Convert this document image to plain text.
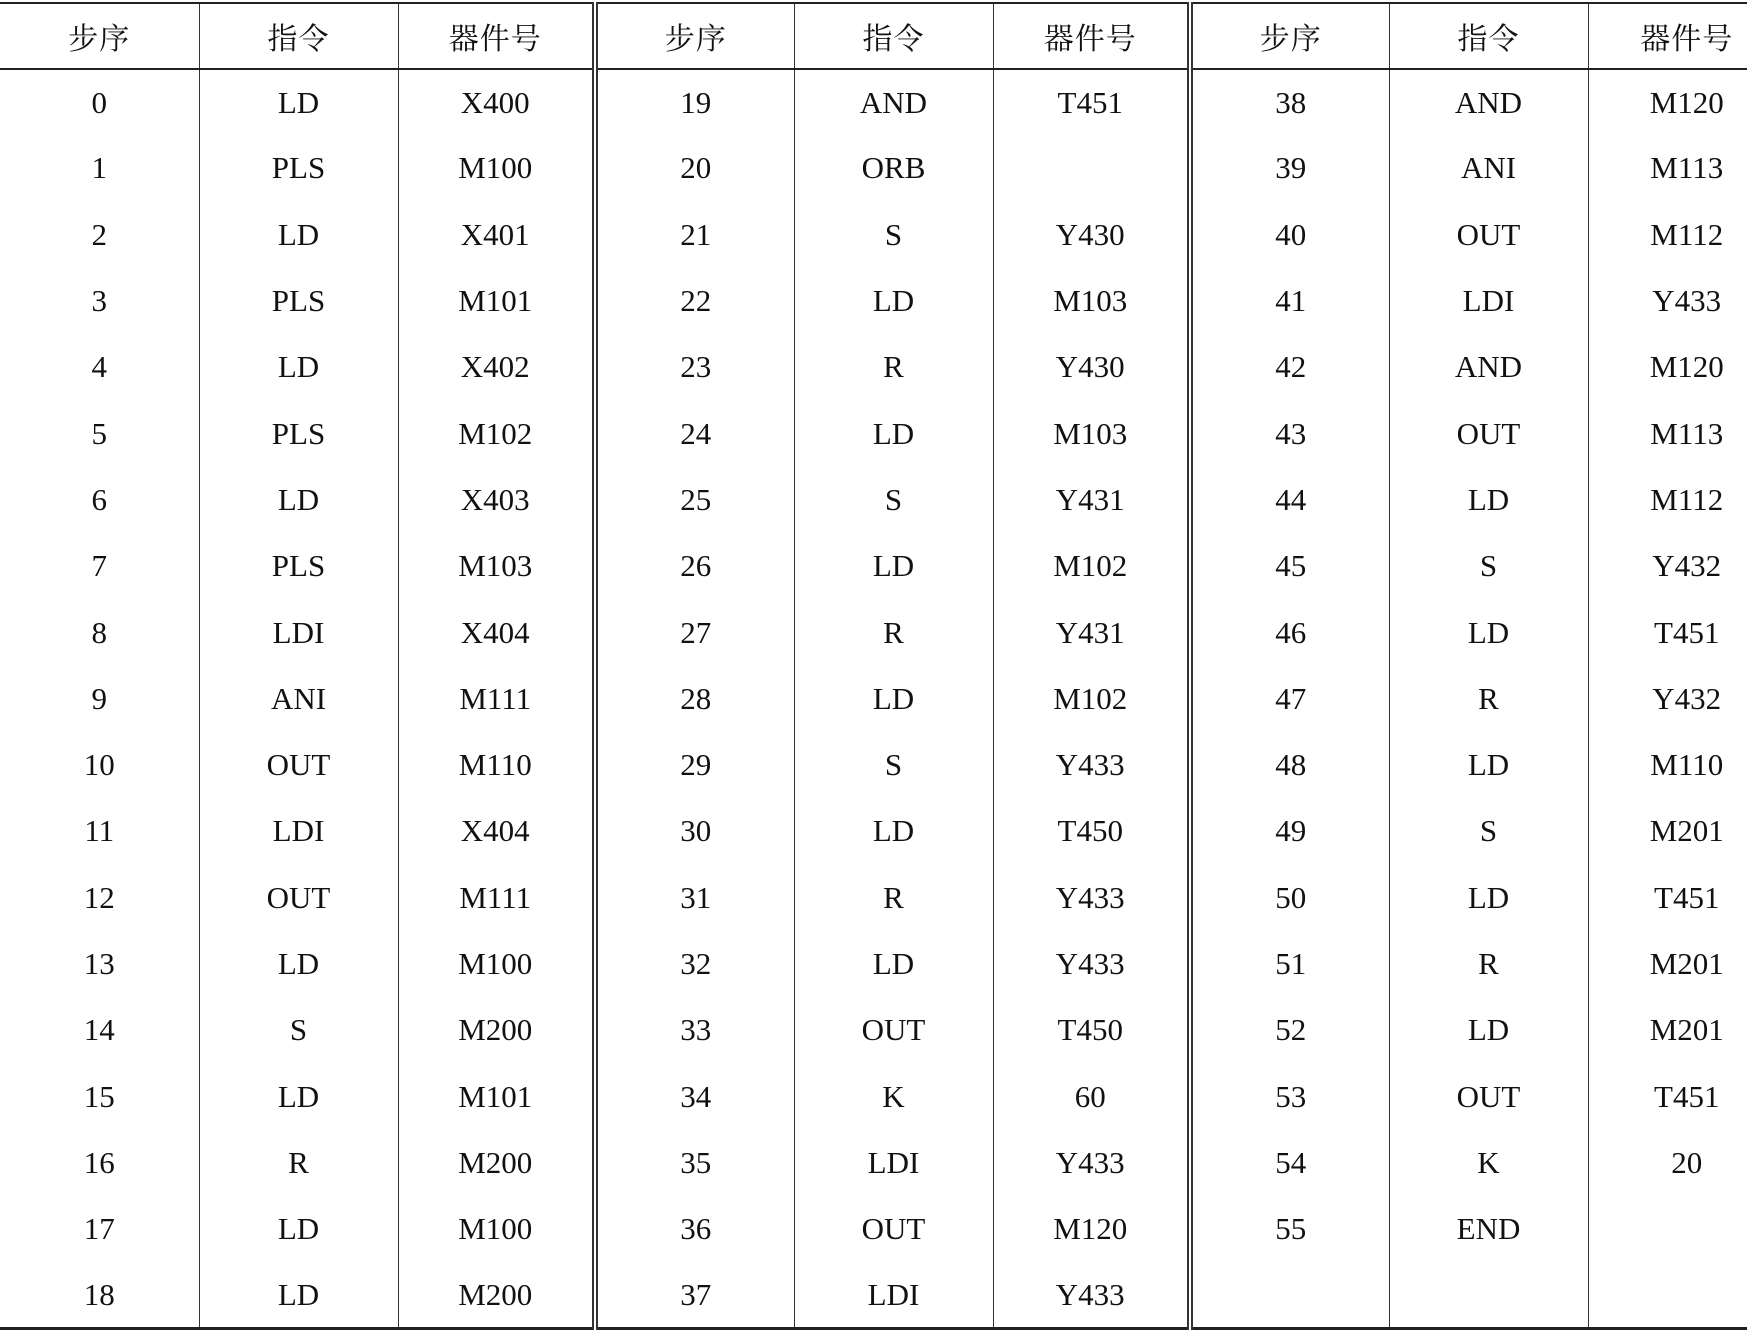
步序	指令	器件号	步序	指令	器件号	步序	指令	器件号
0	LD	X400	19	AND	T451	38	AND	M120
1	PLS	M100	20	ORB		39	ANI	M113
2	LD	X401	21	S	Y430	40	OUT	M112
3	PLS	M101	22	LD	M103	41	LDI	Y433
4	LD	X402	23	R	Y430	42	AND	M120
5	PLS	M102	24	LD	M103	43	OUT	M113
6	LD	X403	25	S	Y431	44	LD	M112
7	PLS	M103	26	LD	M102	45	S	Y432
8	LDI	X404	27	R	Y431	46	LD	T451
9	ANI	M111	28	LD	M102	47	R	Y432
10	OUT	M110	29	S	Y433	48	LD	M110
11	LDI	X404	30	LD	T450	49	S	M201
12	OUT	M111	31	R	Y433	50	LD	T451
13	LD	M100	32	LD	Y433	51	R	M201
14	S	M200	33	OUT	T450	52	LD	M201
15	LD	M101	34	K	60	53	OUT	T451
16	R	M200	35	LDI	Y433	54	K	20
17	LD	M100	36	OUT	M120	55	END	
18	LD	M200	37	LDI	Y433			
